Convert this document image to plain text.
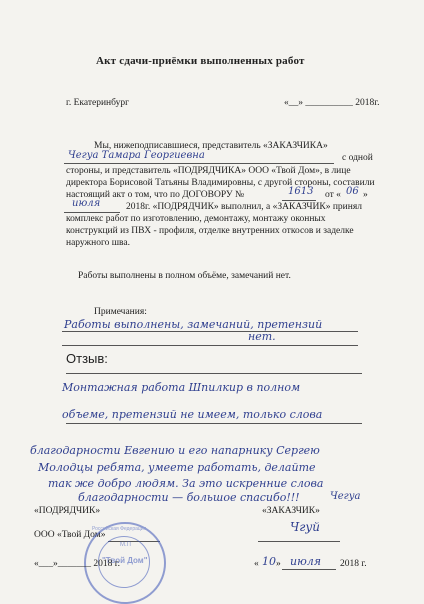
Акт сдачи-приёмки выполненных работ
г. Екатеринбург	«__» __________ 2018г.
Мы, нижеподписавшиеся, представитель «ЗАКАЗЧИКА»
Чегуа Тамара Георгиевна	с одной
стороны, и представитель «ПОДРЯДЧИКА» ООО «Твой Дом», в лице
директора Борисовой Татьяны Владимировны, с другой стороны, составили
настоящий акт о том, что по ДОГОВОРУ №	1613 от « 06 »
июля	2018г. «ПОДРЯДЧИК» выполнил, а «ЗАКАЗЧИК» принял
комплекс работ по изготовлению, демонтажу, монтажу оконных
конструкций из ПВХ - профиля, отделке внутренних откосов и заделке
наружного шва.
Работы выполнены в полном объёме, замечаний нет.
Примечания:
Работы выполнены, замечаний, претензий
нет.
Отзыв:
Монтажная работа Шпилкир в полном
объеме, претензий не имеем, только слова
благодарности Евгению и его напарнику Сергею
Молодцы ребята, умеете работать, делайте
так же добро людям. За это искренние слова
благодарности — большое спасибо!!!	Чегуа
«ПОДРЯДЧИК»	«ЗАКАЗЧИК»
ООО «Твой Дом»
Чгуй
Российская Федерация
М.П
"Твой Дом"
«___»_______ 2018 г.	« 10 » июля 2018 г.
